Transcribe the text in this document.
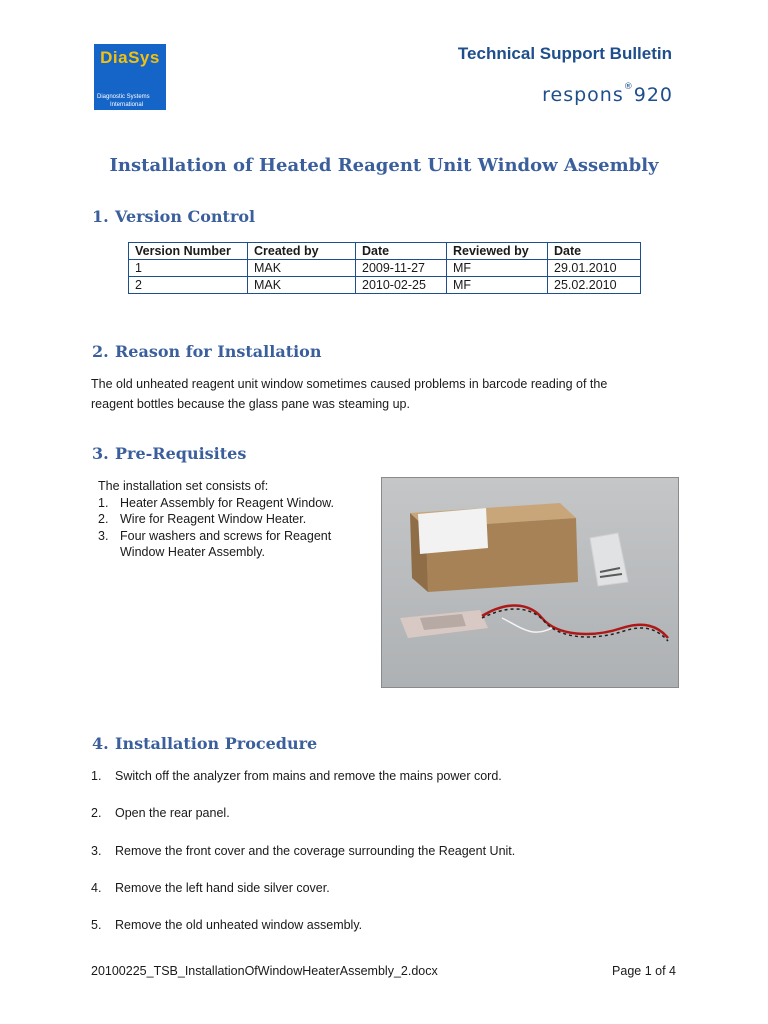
DiaSys
Diagnostic Systems
International
Technical Support Bulletin
respons®920
Installation of Heated Reagent Unit Window Assembly
1. Version Control
Version Number	Created by	Date	Reviewed by	Date
1	MAK	2009-11-27	MF	29.01.2010
2	MAK	2010-02-25	MF	25.02.2010
2. Reason for Installation
The old unheated reagent unit window sometimes caused problems in barcode reading of the reagent bottles because the glass pane was steaming up.
3. Pre-Requisites
The installation set consists of:
1. Heater Assembly for Reagent Window.
2. Wire for Reagent Window Heater.
3. Four washers and screws for Reagent Window Heater Assembly.
4. Installation Procedure
1. Switch off the analyzer from mains and remove the mains power cord.
2. Open the rear panel.
3. Remove the front cover and the coverage surrounding the Reagent Unit.
4. Remove the left hand side silver cover.
5. Remove the old unheated window assembly.
20100225_TSB_InstallationOfWindowHeaterAssembly_2.docx	Page 1 of 4
